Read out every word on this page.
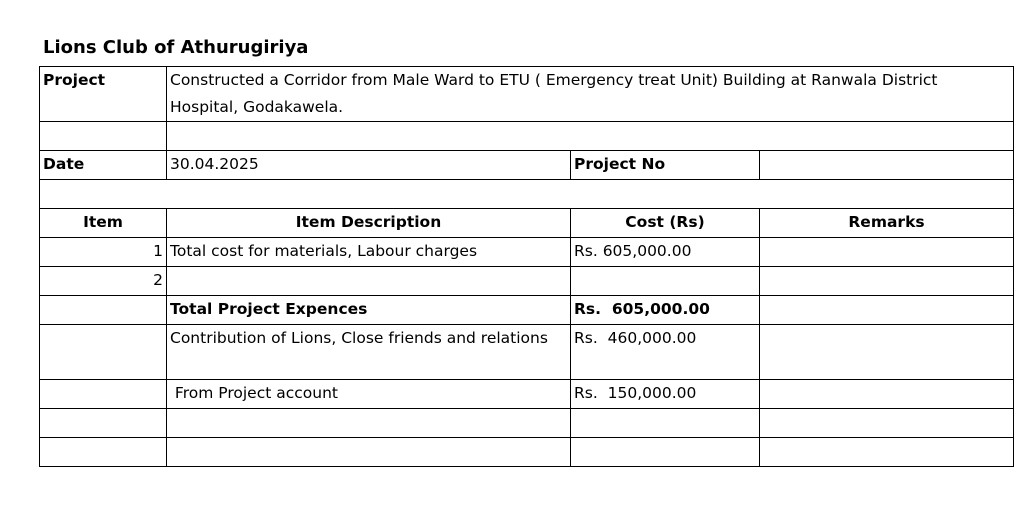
Lions Club of Athurugiriya
Project	Constructed a Corridor from Male Ward to ETU ( Emergency treat Unit) Building at Ranwala District Hospital, Godakawela.		

Date	30.04.2025	Project No	

Item	Item Description	Cost (Rs)	Remarks
1	Total cost for materials, Labour charges	Rs. 605,000.00	
2			
	Total Project Expences	Rs.  605,000.00	
	Contribution of Lions, Close friends and relations	Rs.  460,000.00	
	From Project account	Rs.  150,000.00	
